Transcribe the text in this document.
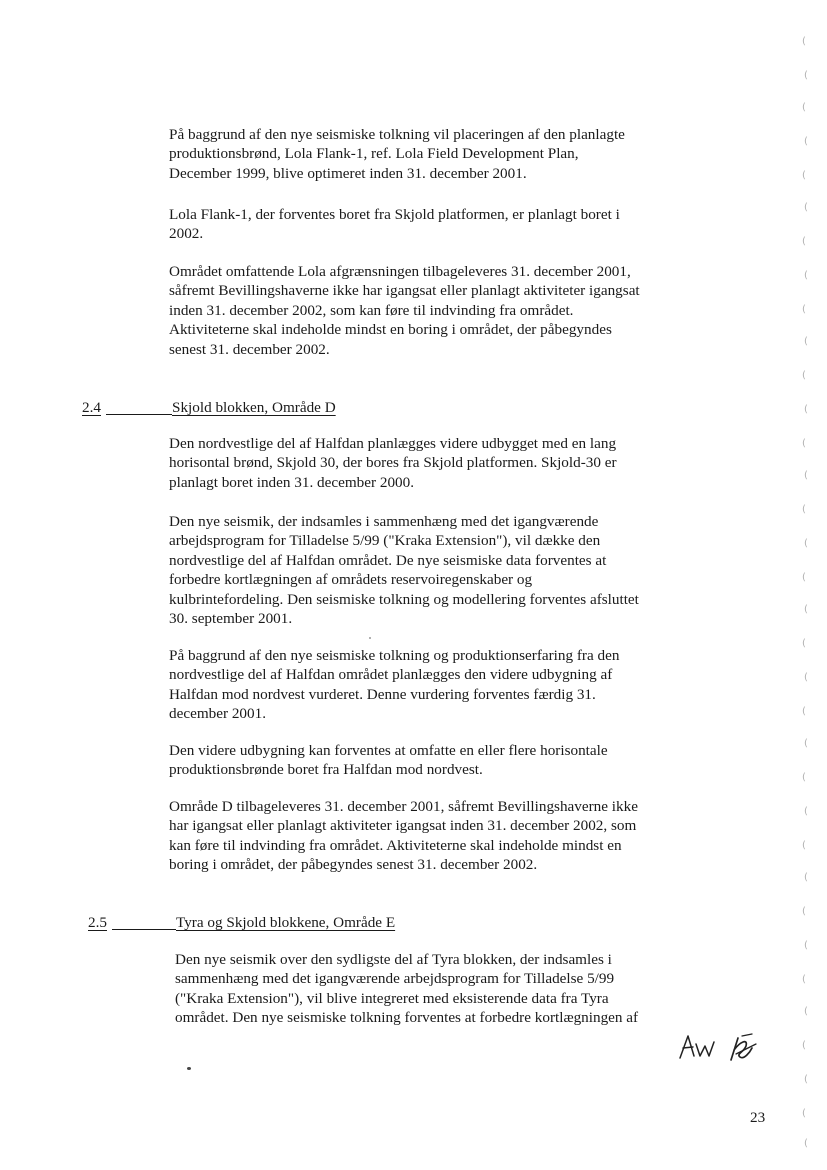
På baggrund af den nye seismiske tolkning vil placeringen af den planlagte
produktionsbrønd, Lola Flank-1, ref. Lola Field Development Plan,
December 1999, blive optimeret inden 31. december 2001.
Lola Flank-1, der forventes boret fra Skjold platformen, er planlagt boret i
2002.
Området omfattende Lola afgrænsningen tilbageleveres 31. december 2001,
såfremt Bevillingshaverne ikke har igangsat eller planlagt aktiviteter igangsat
inden 31. december 2002, som kan føre til indvinding fra området.
Aktiviteterne skal indeholde mindst en boring i området, der påbegyndes
senest 31. december 2002.
2.4	Skjold blokken, Område D
Den nordvestlige del af Halfdan planlægges videre udbygget med en lang
horisontal brønd, Skjold 30, der bores fra Skjold platformen. Skjold-30 er
planlagt boret inden 31. december 2000.
Den nye seismik, der indsamles i sammenhæng med det igangværende
arbejdsprogram for Tilladelse 5/99 ("Kraka Extension"), vil dække den
nordvestlige del af Halfdan området. De nye seismiske data forventes at
forbedre kortlægningen af områdets reservoiregenskaber og
kulbrintefordeling. Den seismiske tolkning og modellering forventes afsluttet
30. september 2001.
På baggrund af den nye seismiske tolkning og produktionserfaring fra den
nordvestlige del af Halfdan området planlægges den videre udbygning af
Halfdan mod nordvest vurderet. Denne vurdering forventes færdig 31.
december 2001.
Den videre udbygning kan forventes at omfatte en eller flere horisontale
produktionsbrønde boret fra Halfdan mod nordvest.
Område D tilbageleveres 31. december 2001, såfremt Bevillingshaverne ikke
har igangsat eller planlagt aktiviteter igangsat inden 31. december 2002, som
kan føre til indvinding fra området. Aktiviteterne skal indeholde mindst en
boring i området, der påbegyndes senest 31. december 2002.
2.5	Tyra og Skjold blokkene, Område E
Den nye seismik over den sydligste del af Tyra blokken, der indsamles i
sammenhæng med det igangværende arbejdsprogram for Tilladelse 5/99
("Kraka Extension"), vil blive integreret med eksisterende data fra Tyra
området. Den nye seismiske tolkning forventes at forbedre kortlægningen af
23
(
(
(
(
(
(
(
(
(
(
(
(
(
(
(
(
(
(
(
(
(
(
(
(
(
(
(
(
(
(
(
(
(
(
